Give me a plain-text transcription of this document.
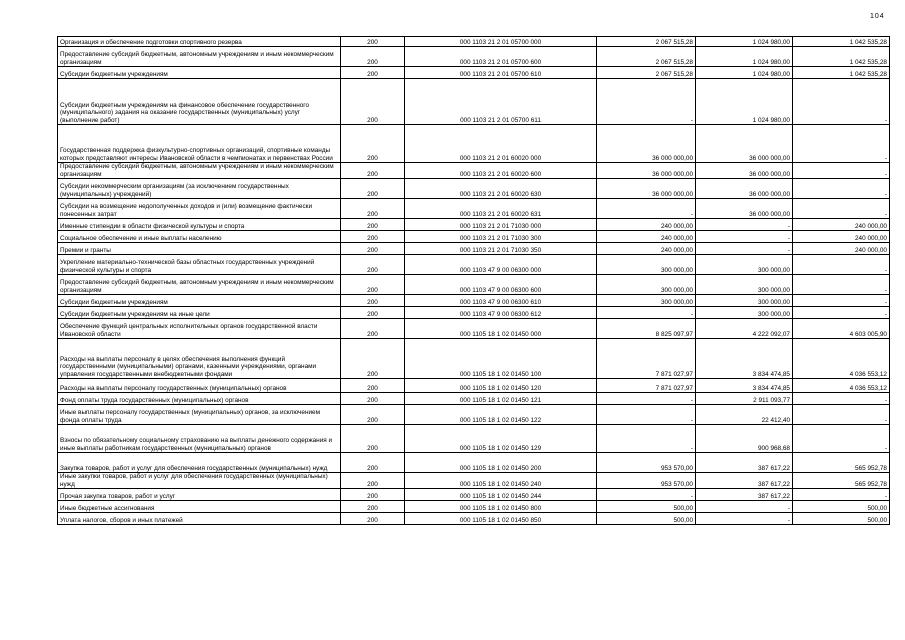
104
Организация и обеспечение подготовки спортивного резерва	200	000 1103 21 2 01 05700 000	2 067 515,28	1 024 980,00	1 042 535,28
Предоставление субсидий бюджетным, автономным учреждениям и иным некоммерческим организациям	200	000 1103 21 2 01 05700 600	2 067 515,28	1 024 980,00	1 042 535,28
Субсидии бюджетным учреждениям	200	000 1103 21 2 01 05700 610	2 067 515,28	1 024 980,00	1 042 535,28
Субсидии бюджетным учреждениям на финансовое обеспечение государственного (муниципального) задания на оказание государственных (муниципальных) услуг (выполнение работ)	200	000 1103 21 2 01 05700 611	-	1 024 980,00	-
Государственная поддержка физкультурно-спортивных организаций, спортивные команды которых представляют интересы Ивановской области в чемпионатах и первенствах России	200	000 1103 21 2 01 60020 000	36 000 000,00	36 000 000,00	-
Предоставление субсидий бюджетным, автономным учреждениям и иным некоммерческим организациям	200	000 1103 21 2 01 60020 600	36 000 000,00	36 000 000,00	-
Субсидии некоммерческим организациям (за исключением государственных (муниципальных) учреждений)	200	000 1103 21 2 01 60020 630	36 000 000,00	36 000 000,00	-
Субсидии на возмещение недополученных доходов и (или) возмещение фактически понесенных затрат	200	000 1103 21 2 01 60020 631	-	36 000 000,00	-
Именные стипендии в области физической культуры и спорта	200	000 1103 21 2 01 71030 000	240 000,00	-	240 000,00
Социальное обеспечение и иные выплаты населению	200	000 1103 21 2 01 71030 300	240 000,00	-	240 000,00
Премии и гранты	200	000 1103 21 2 01 71030 350	240 000,00	-	240 000,00
Укрепление материально-технической базы областных государственных учреждений физической культуры и спорта	200	000 1103 47 9 00 06300 000	300 000,00	300 000,00	-
Предоставление субсидий бюджетным, автономным учреждениям и иным некоммерческим организациям	200	000 1103 47 9 00 06300 600	300 000,00	300 000,00	-
Субсидии бюджетным учреждениям	200	000 1103 47 9 00 06300 610	300 000,00	300 000,00	-
Субсидии бюджетным учреждениям на иные цели	200	000 1103 47 9 00 06300 612	-	300 000,00	-
Обеспечение функций центральных исполнительных органов государственной власти Ивановской области	200	000 1105 18 1 02 01450 000	8 825 097,97	4 222 092,07	4 603 005,90
Расходы на выплаты персоналу в целях обеспечения выполнения функций государственными (муниципальными) органами, казенными учреждениями, органами управления государственными внебюджетными фондами	200	000 1105 18 1 02 01450 100	7 871 027,97	3 834 474,85	4 036 553,12
Расходы на выплаты персоналу государственных (муниципальных) органов	200	000 1105 18 1 02 01450 120	7 871 027,97	3 834 474,85	4 036 553,12
Фонд оплаты труда государственных (муниципальных) органов	200	000 1105 18 1 02 01450 121	-	2 911 093,77	-
Иные выплаты персоналу государственных (муниципальных) органов, за исключением фонда оплаты труда	200	000 1105 18 1 02 01450 122	-	22 412,40	-
Взносы по обязательному социальному страхованию на выплаты денежного содержания и иные выплаты работникам государственных (муниципальных) органов	200	000 1105 18 1 02 01450 129	-	900 968,68	-
Закупка товаров, работ и услуг для обеспечения государственных (муниципальных) нужд	200	000 1105 18 1 02 01450 200	953 570,00	387 617,22	565 952,78
Иные закупки товаров, работ и услуг для обеспечения государственных (муниципальных) нужд	200	000 1105 18 1 02 01450 240	953 570,00	387 617,22	565 952,78
Прочая закупка товаров, работ и услуг	200	000 1105 18 1 02 01450 244	-	387 617,22	-
Иные бюджетные ассигнования	200	000 1105 18 1 02 01450 800	500,00	-	500,00
Уплата налогов, сборов и иных платежей	200	000 1105 18 1 02 01450 850	500,00	-	500,00
